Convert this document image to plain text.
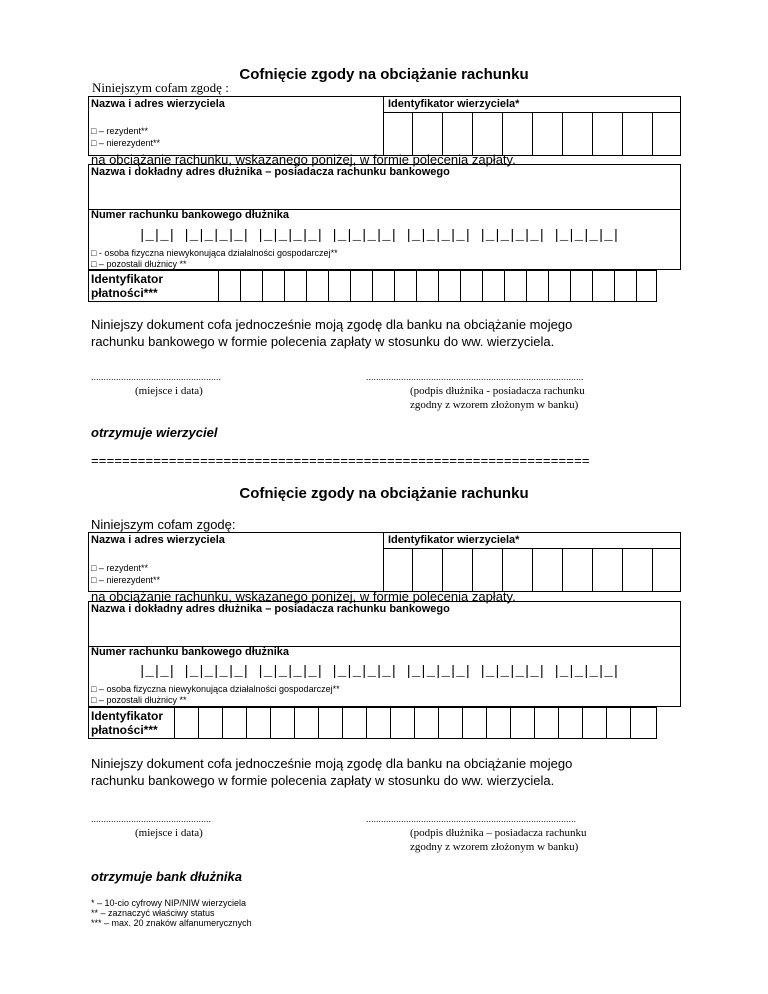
Cofnięcie zgody na obciążanie rachunku
Niniejszym cofam zgodę :
Nazwa i adres wierzyciela	Identyfikator wierzyciela*
□ – rezydent**
□ – nierezydent**
na obciążanie rachunku, wskazanego poniżej, w formie polecenia zapłaty.
Nazwa i dokładny adres dłużnika – posiadacza rachunku bankowego
Numer rachunku bankowego dłużnika
|_|_| |_|_|_|_| |_|_|_|_| |_|_|_|_| |_|_|_|_| |_|_|_|_| |_|_|_|_|
□ - osoba fizyczna niewykonująca działalności gospodarczej**
□ – pozostali dłużnicy **
Identyfikator
płatności***
Niniejszy dokument cofa jednocześnie moją zgodę dla banku na obciążanie mojego
rachunku bankowego w formie polecenia zapłaty w stosunku do ww. wierzyciela.
....................................................
(miejsce i data)
.......................................................................................
(podpis dłużnika - posiadacza rachunku
zgodny z wzorem złożonym w banku)
otrzymuje wierzyciel
================================================================
Cofnięcie zgody na obciążanie rachunku
Niniejszym cofam zgodę:
Nazwa i adres wierzyciela	Identyfikator wierzyciela*
□ – rezydent**
□ – nierezydent**
na obciążanie rachunku, wskazanego poniżej, w formie polecenia zapłaty.
Nazwa i dokładny adres dłużnika – posiadacza rachunku bankowego
Numer rachunku bankowego dłużnika
|_|_| |_|_|_|_| |_|_|_|_| |_|_|_|_| |_|_|_|_| |_|_|_|_| |_|_|_|_|
□ – osoba fizyczna niewykonująca działalności gospodarczej**
□ – pozostali dłużnicy **
Identyfikator
płatności***
Niniejszy dokument cofa jednocześnie moją zgodę dla banku na obciążanie mojego
rachunku bankowego w formie polecenia zapłaty w stosunku do ww. wierzyciela.
................................................
(miejsce i data)
....................................................................................
(podpis dłużnika – posiadacza rachunku
zgodny z wzorem złożonym w banku)
otrzymuje bank dłużnika
* – 10-cio cyfrowy NIP/NIW wierzyciela
** – zaznaczyć właściwy status
*** – max. 20 znaków alfanumerycznych
